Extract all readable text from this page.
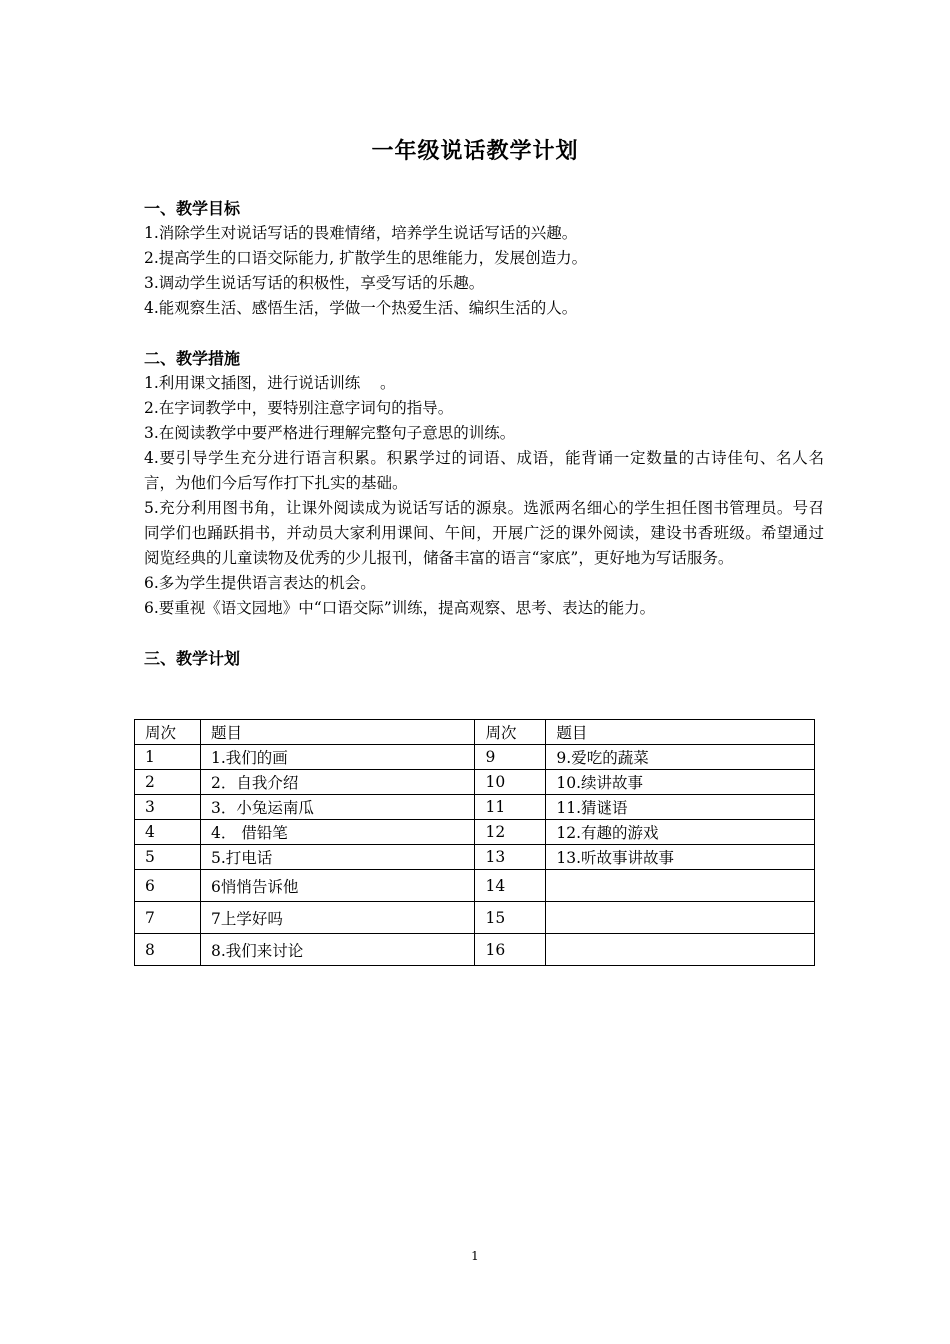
一年级说话教学计划
一、教学目标
1.消除学生对说话写话的畏难情绪，培养学生说话写话的兴趣。
2.提高学生的口语交际能力, 扩散学生的思维能力，发展创造力。
3.调动学生说话写话的积极性，享受写话的乐趣。
4.能观察生活、感悟生活，学做一个热爱生活、编织生活的人。
二、教学措施
1.利用课文插图，进行说话训练    。
2.在字词教学中，要特别注意字词句的指导。
3.在阅读教学中要严格进行理解完整句子意思的训练。
4.要引导学生充分进行语言积累。积累学过的词语、成语，能背诵一定数量的古诗佳句、名人名言，为他们今后写作打下扎实的基础。
5.充分利用图书角，让课外阅读成为说话写话的源泉。选派两名细心的学生担任图书管理员。号召同学们也踊跃捐书，并动员大家利用课间、午间，开展广泛的课外阅读，建设书香班级。希望通过阅览经典的儿童读物及优秀的少儿报刊，储备丰富的语言“家底”，更好地为写话服务。
6.多为学生提供语言表达的机会。
6.要重视《语文园地》中“口语交际”训练，提高观察、思考、表达的能力。
三、教学计划
周次	题目	周次	题目
1	1.我们的画	9	9.爱吃的蔬菜
2	2．自我介绍	10	10.续讲故事
3	3．小兔运南瓜	11	11.猜谜语
4	4． 借铅笔	12	12.有趣的游戏
5	5.打电话	13	13.听故事讲故事
6	6悄悄告诉他	14	
7	7上学好吗	15	
8	8.我们来讨论	16	
1
